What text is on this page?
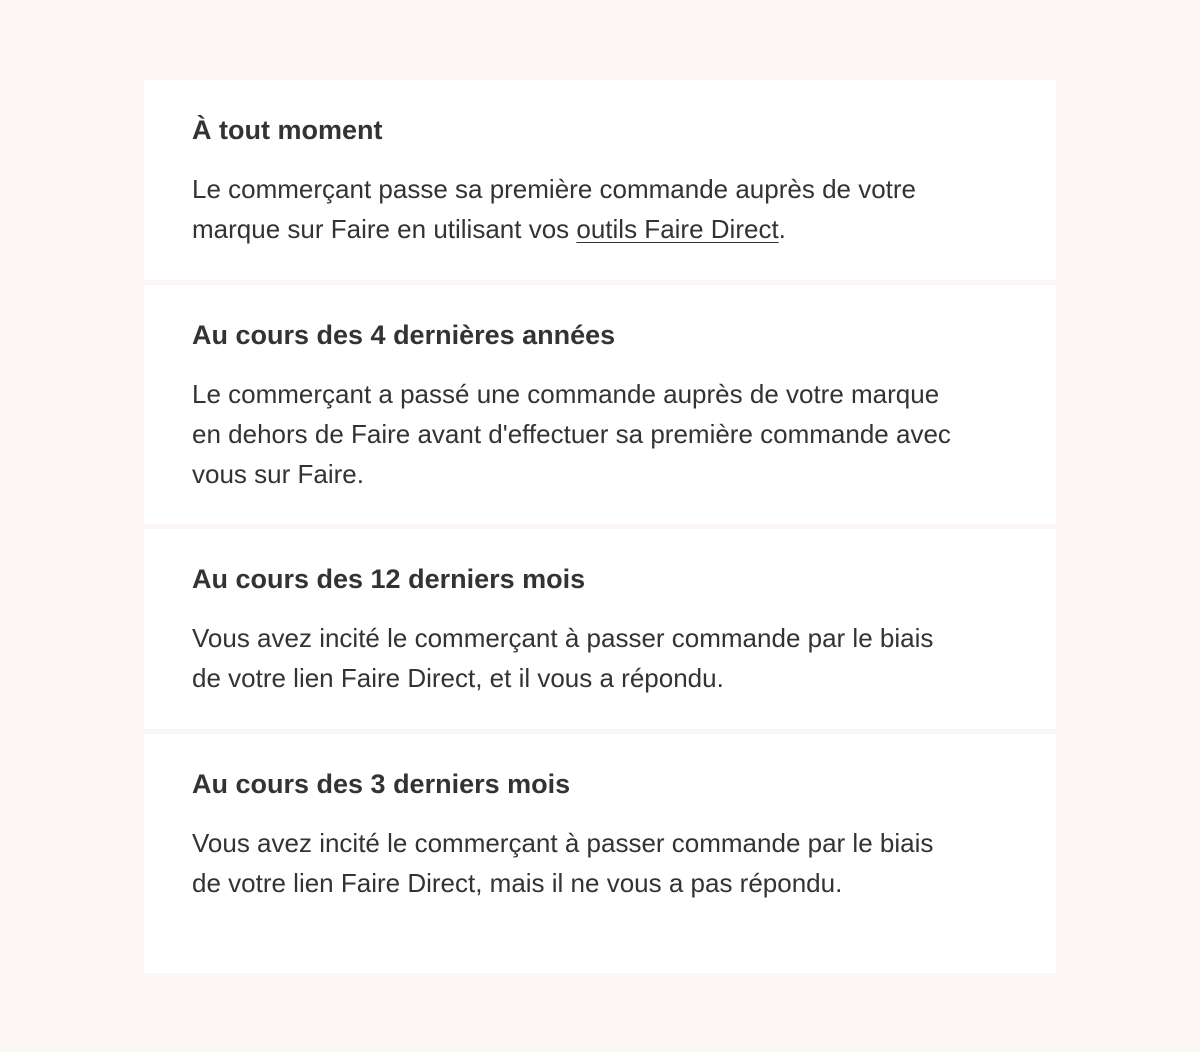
À tout moment

Le commerçant passe sa première commande auprès de votre marque sur Faire en utilisant vos outils Faire Direct.

Au cours des 4 dernières années

Le commerçant a passé une commande auprès de votre marque en dehors de Faire avant d'effectuer sa première commande avec vous sur Faire.

Au cours des 12 derniers mois

Vous avez incité le commerçant à passer commande par le biais de votre lien Faire Direct, et il vous a répondu.

Au cours des 3 derniers mois

Vous avez incité le commerçant à passer commande par le biais de votre lien Faire Direct, mais il ne vous a pas répondu.
